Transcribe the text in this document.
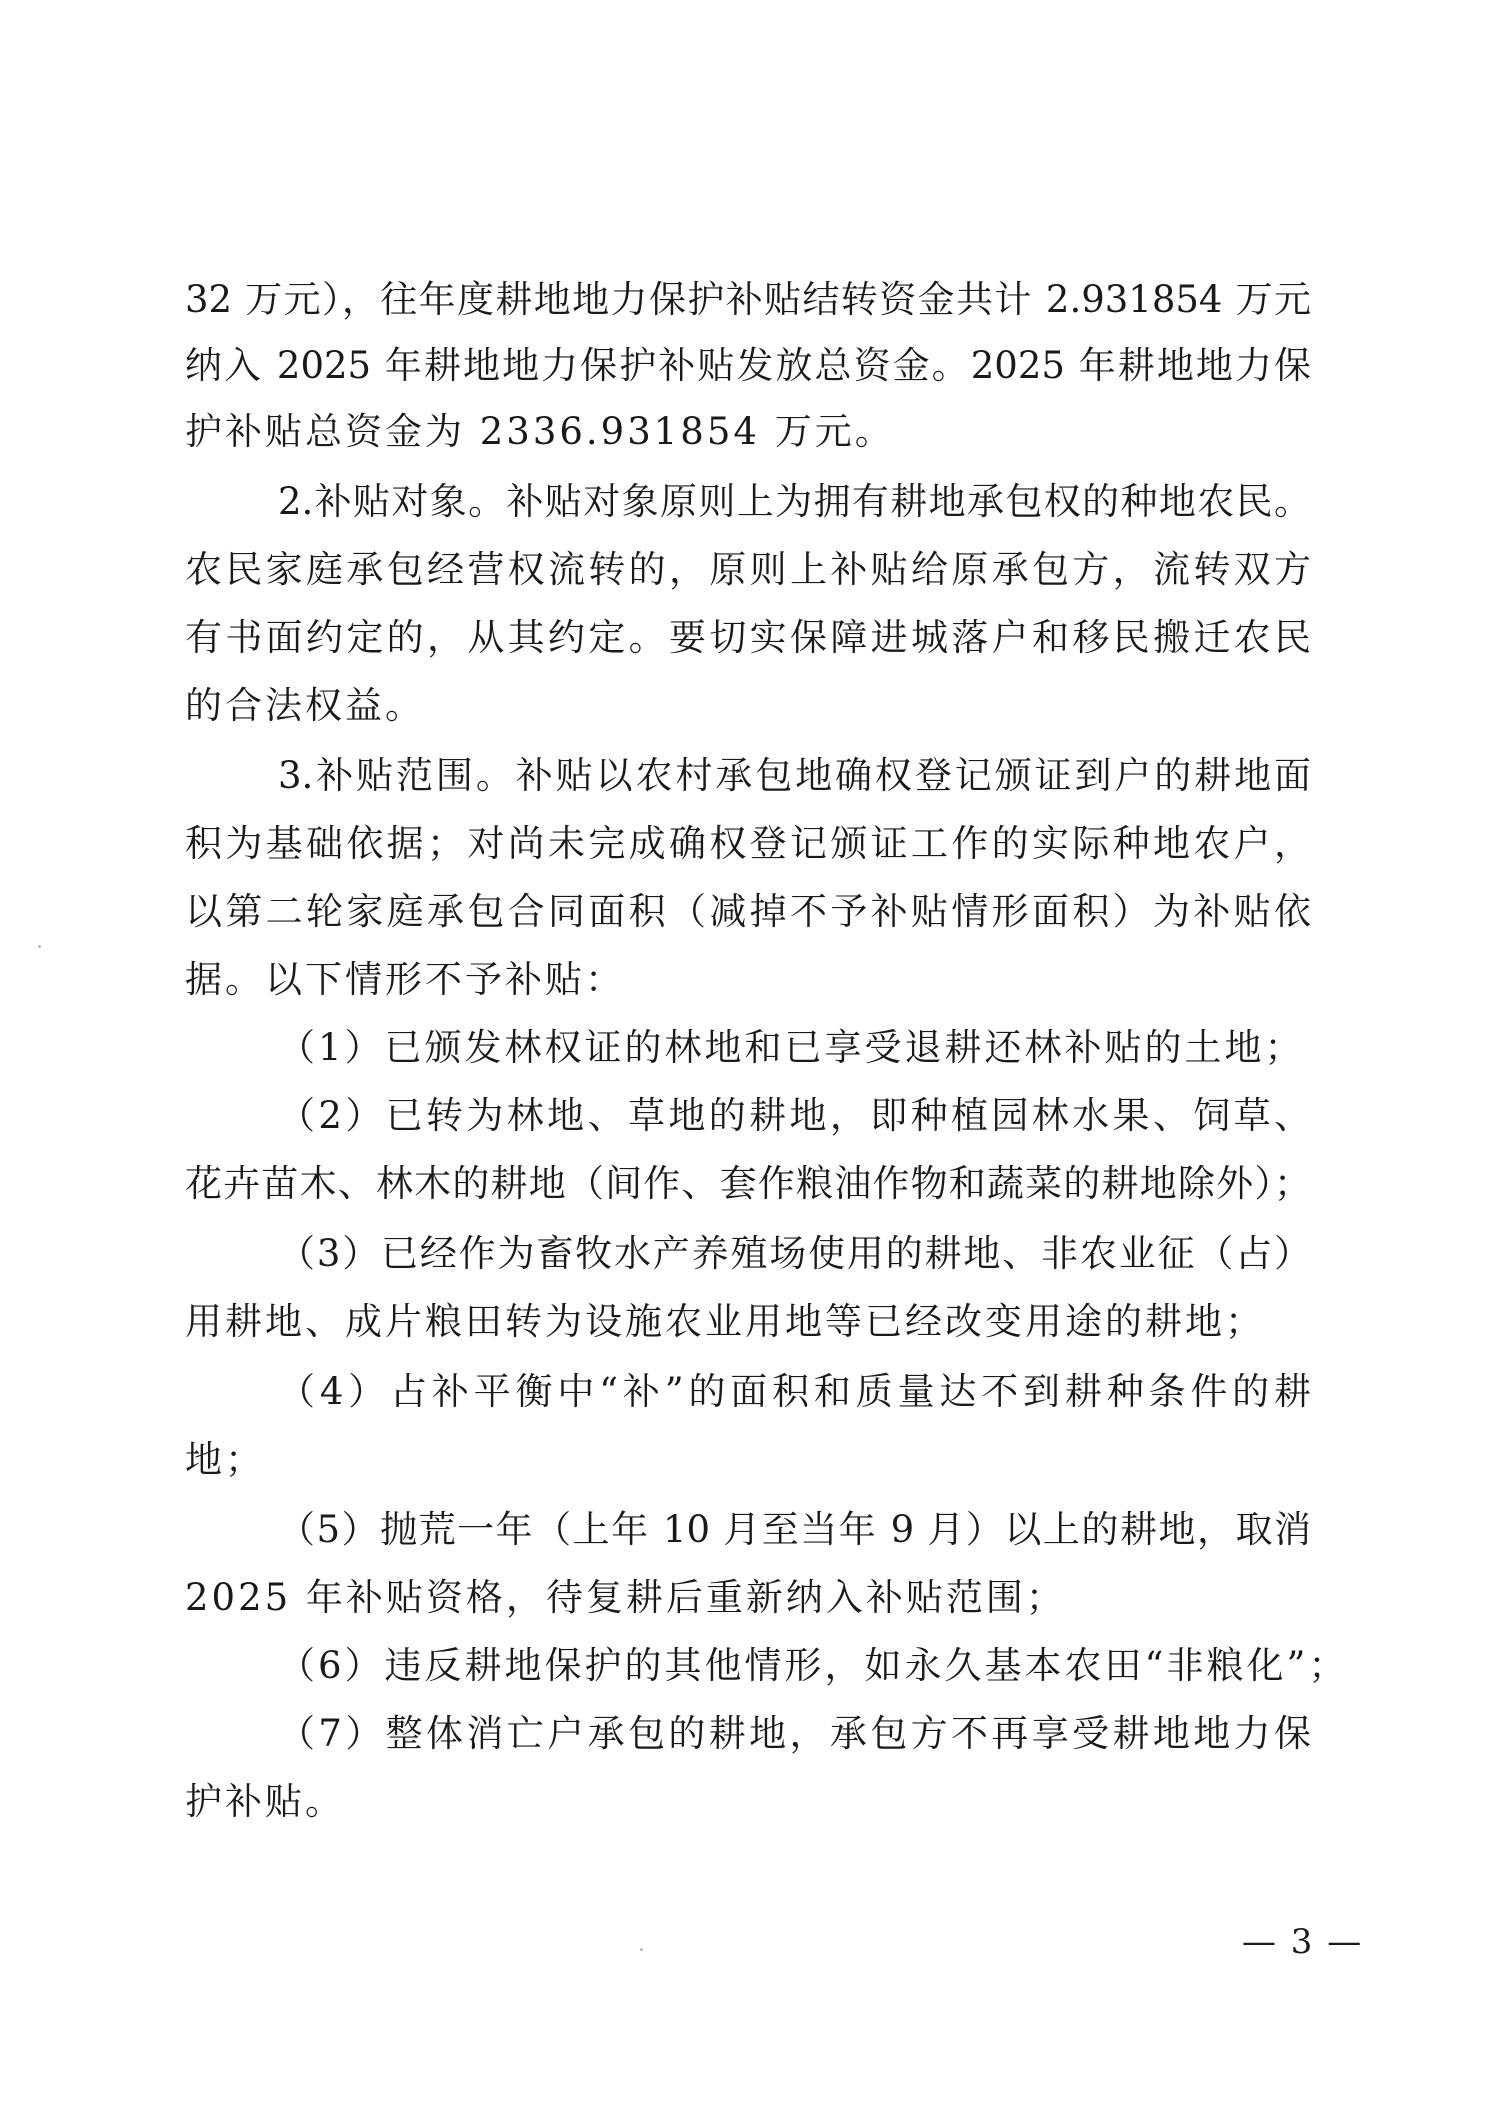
32 万元），往年度耕地地力保护补贴结转资金共计 2.931854 万元
纳入 2025 年耕地地力保护补贴发放总资金。2025 年耕地地力保
护补贴总资金为 2336.931854 万元。
2.补贴对象。补贴对象原则上为拥有耕地承包权的种地农民。
农民家庭承包经营权流转的，原则上补贴给原承包方，流转双方
有书面约定的，从其约定。要切实保障进城落户和移民搬迁农民
的合法权益。
3.补贴范围。补贴以农村承包地确权登记颁证到户的耕地面
积为基础依据；对尚未完成确权登记颁证工作的实际种地农户，
以第二轮家庭承包合同面积（减掉不予补贴情形面积）为补贴依
据。以下情形不予补贴：
（1）已颁发林权证的林地和已享受退耕还林补贴的土地；
（2）已转为林地、草地的耕地，即种植园林水果、饲草、
花卉苗木、林木的耕地（间作、套作粮油作物和蔬菜的耕地除外）；
（3）已经作为畜牧水产养殖场使用的耕地、非农业征（占）
用耕地、成片粮田转为设施农业用地等已经改变用途的耕地；
（4）占补平衡中“补”的面积和质量达不到耕种条件的耕
地；
（5）抛荒一年（上年 10 月至当年 9 月）以上的耕地，取消
2025 年补贴资格，待复耕后重新纳入补贴范围；
（6）违反耕地保护的其他情形，如永久基本农田“非粮化”；
（7）整体消亡户承包的耕地，承包方不再享受耕地地力保
护补贴。
— 3 —
